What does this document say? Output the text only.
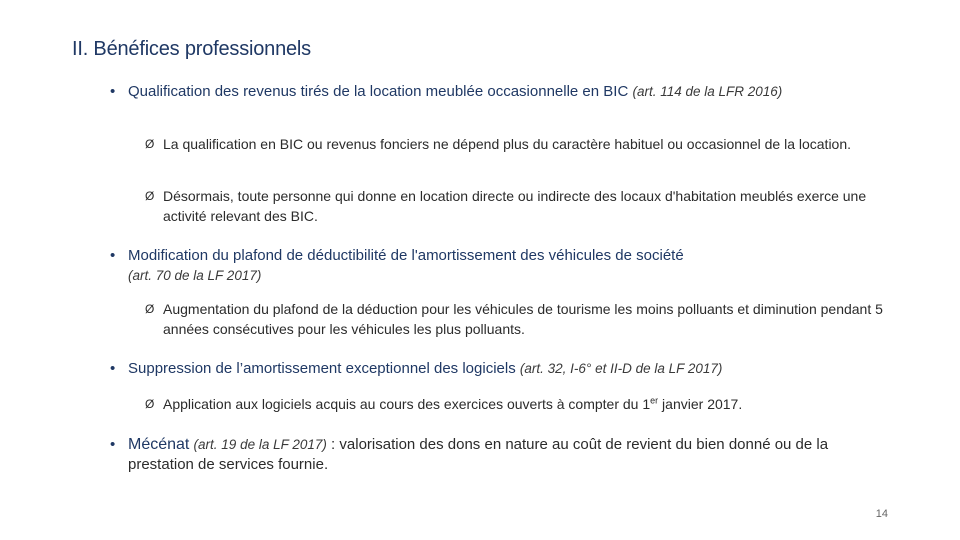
II. Bénéfices professionnels
• Qualification des revenus tirés de la location meublée occasionnelle en BIC (art. 114 de la LFR 2016)
Ø La qualification en BIC ou revenus fonciers ne dépend plus du caractère habituel ou occasionnel de la location.
Ø Désormais, toute personne qui donne en location directe ou indirecte des locaux d'habitation meublés exerce une activité relevant des BIC.
• Modification du plafond de déductibilité de l'amortissement des véhicules de société
(art. 70 de la LF 2017)
Ø Augmentation du plafond de la déduction pour les véhicules de tourisme les moins polluants et diminution pendant 5 années consécutives pour les véhicules les plus polluants.
• Suppression de l’amortissement exceptionnel des logiciels (art. 32, I-6° et II-D de la LF 2017)
Ø Application aux logiciels acquis au cours des exercices ouverts à compter du 1er janvier 2017.
• Mécénat (art. 19 de la LF 2017) : valorisation des dons en nature au coût de revient du bien donné ou de la prestation de services fournie.
14
